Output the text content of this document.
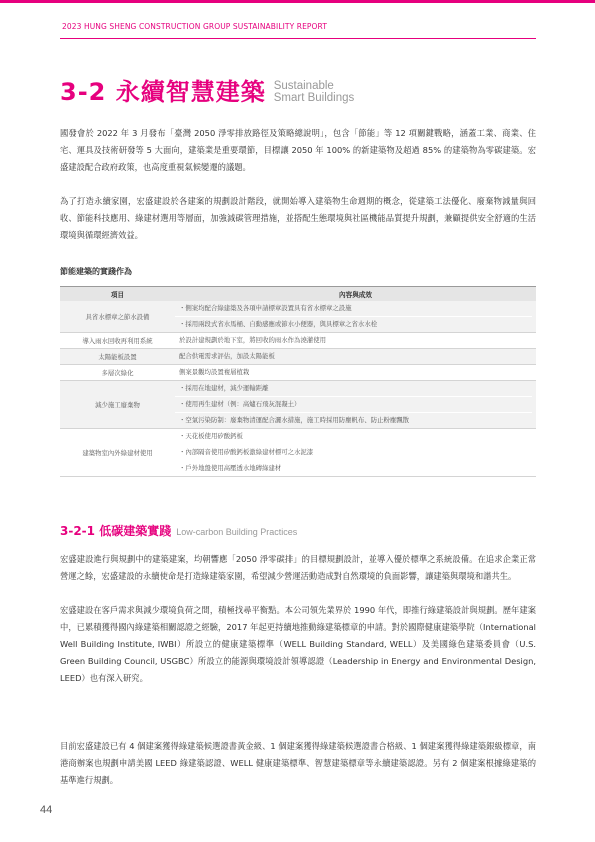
2023 HUNG SHENG CONSTRUCTION GROUP SUSTAINABILITY REPORT
3-2 永續智慧建築 Sustainable
Smart Buildings

國發會於 2022 年 3 月發布「臺灣 2050 淨零排放路徑及策略總說明」，包含「節能」等 12 項關鍵戰略，涵蓋工業、商業、住宅、運具及技術研發等 5 大面向，建築業是重要環節，目標讓 2050 年 100% 的新建築物及超過 85% 的建築物為零碳建築。宏盛建設配合政府政策，也高度重視氣候變遷的議題。

為了打造永續家園，宏盛建設於各建案的規劃設計階段，就開始導入建築物生命週期的概念，從建築工法優化、廢棄物減量與回收、節能科技應用、綠建材選用等層面，加強減碳管理措施，並搭配生態環境與社區機能品質提升規劃，兼顧提供安全舒適的生活環境與循環經濟效益。

節能建築的實踐作為
項目	內容與成效
具省水標章之節水設備	・側案均配合綠建築及各項申請標章設置具有省水標章之設施
・採用兩段式省水馬桶、自動感應或節水小便器，與具標章之省水水栓

導入雨水回收再利用系統	於設計建規劃於地下室，將回收的雨水作為澆灌使用

太陽能板設置	配合供電需求評估，加設太陽能板

多層次綠化	側案景觀均設置複層植栽

減少施工廢棄物	・採用在地建材，減少運輸距離
・使用再生建材（例：高爐石飛灰混凝土）
・空氣污染防制：廢棄物清運配合灑水措施，施工時採用防塵帆布、防止粉塵飄散

建築物室內外綠建材使用	・天花板使用矽酸鈣板
・內部隔音使用矽酸鈣板激綠建材標可之水泥漆
・戶外地盤使用高壓透水地磚綠建材
3-2-1 低碳建築實踐 Low-carbon Building Practices

宏盛建設進行與規劃中的建築建案，均朝響應「2050 淨零碳排」的目標規劃設計，並導入優於標準之系統設備。在追求企業正常營運之餘，宏盛建設的永續使命是打造綠建築家園，希望減少營運活動造成對自然環境的負面影響，讓建築與環境和諧共生。

宏盛建設在客戶需求與減少環境負荷之間，積極找尋平衡點。本公司領先業界於 1990 年代，即推行綠建築設計與規劃。歷年建案中，已累積獲得國內綠建築相關認證之經驗，2017 年起更持續地推動綠建築標章的申請。對於國際健康建築學院（International Well Building Institute, IWBI）所設立的健康建築標準（WELL Building Standard, WELL）及美國綠色建築委員會（U.S. Green Building Council, USGBC）所設立的能源與環境設計領導認證（Leadership in Energy and Environmental Design, LEED）也有深入研究。

目前宏盛建設已有 4 個建案獲得綠建築候選證書黃金級、1 個建案獲得綠建築候選證書合格級、1 個建案獲得綠建築銀級標章，南港商辦案也規劃申請美國 LEED 綠建築認證、WELL 健康建築標準、智慧建築標章等永續建築認證。另有 2 個建案根據綠建築的基準進行規劃。

44
